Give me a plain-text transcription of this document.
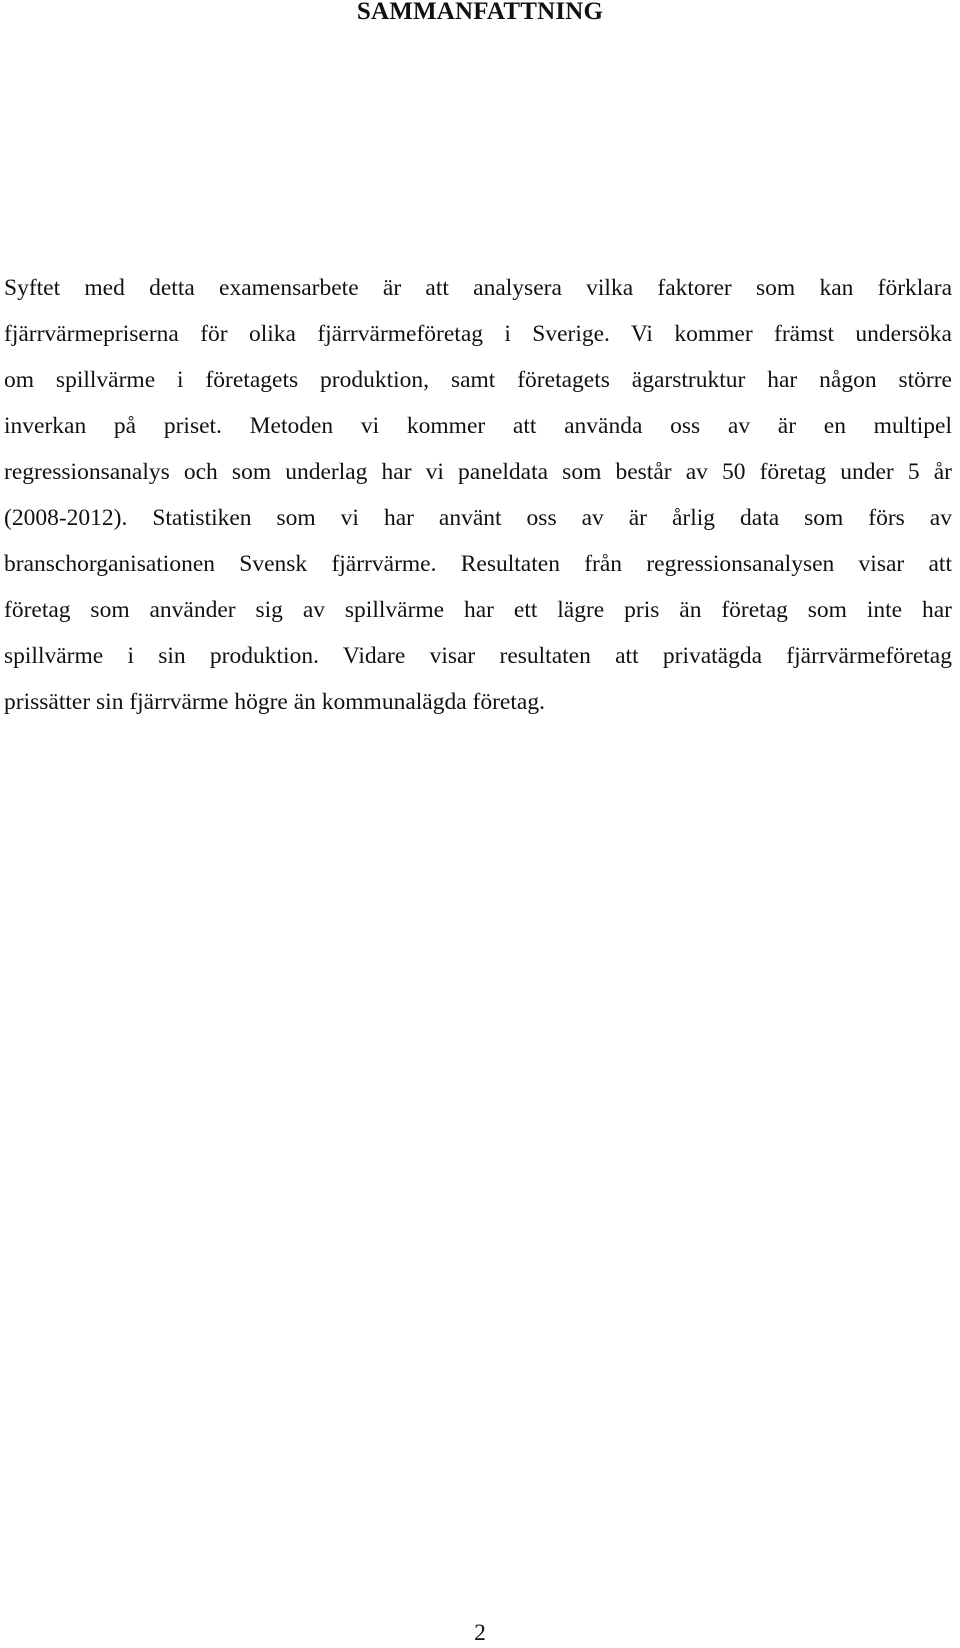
SAMMANFATTNING
Syftet med detta examensarbete är att analysera vilka faktorer som kan förklara
fjärrvärmepriserna för olika fjärrvärmeföretag i Sverige. Vi kommer främst undersöka
om spillvärme i företagets produktion, samt företagets ägarstruktur har någon större
inverkan på priset. Metoden vi kommer att använda oss av är en multipel
regressionsanalys och som underlag har vi paneldata som består av 50 företag under 5 år
(2008-2012). Statistiken som vi har använt oss av är årlig data som förs av
branschorganisationen Svensk fjärrvärme. Resultaten från regressionsanalysen visar att
företag som använder sig av spillvärme har ett lägre pris än företag som inte har
spillvärme i sin produktion. Vidare visar resultaten att privatägda fjärrvärmeföretag
prissätter sin fjärrvärme högre än kommunalägda företag.
2
